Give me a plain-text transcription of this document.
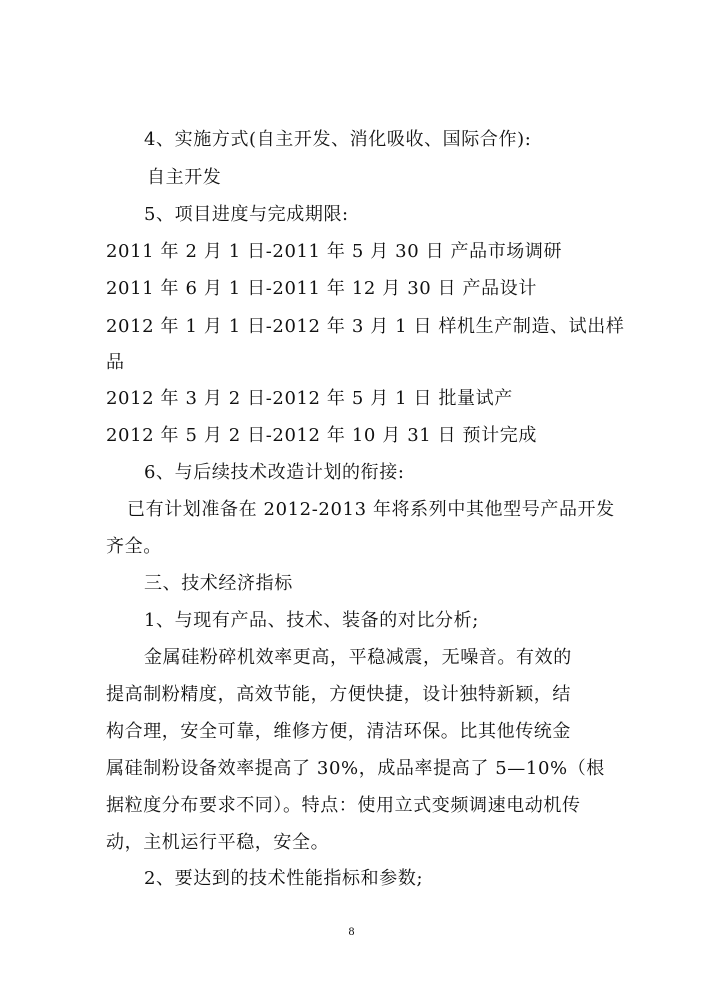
4、实施方式(自主开发、消化吸收、国际合作):
自主开发
5、项目进度与完成期限:
2011 年 2 月 1 日-2011 年 5 月 30 日 产品市场调研
2011 年 6 月 1 日-2011 年 12 月 30 日 产品设计
2012 年 1 月 1 日-2012 年 3 月 1 日 样机生产制造、试出样
品
2012 年 3 月 2 日-2012 年 5 月 1 日 批量试产
2012 年 5 月 2 日-2012 年 10 月 31 日 预计完成
6、与后续技术改造计划的衔接:
已有计划准备在 2012-2013 年将系列中其他型号产品开发
齐全。
三、技术经济指标
1、与现有产品、技术、装备的对比分析;
金属硅粉碎机效率更高，平稳减震，无噪音。有效的
提高制粉精度，高效节能，方便快捷，设计独特新颖，结
构合理，安全可靠，维修方便，清洁环保。比其他传统金
属硅制粉设备效率提高了 30%，成品率提高了 5—10%（根
据粒度分布要求不同）。特点：使用立式变频调速电动机传
动，主机运行平稳，安全。
2、要达到的技术性能指标和参数;
8
